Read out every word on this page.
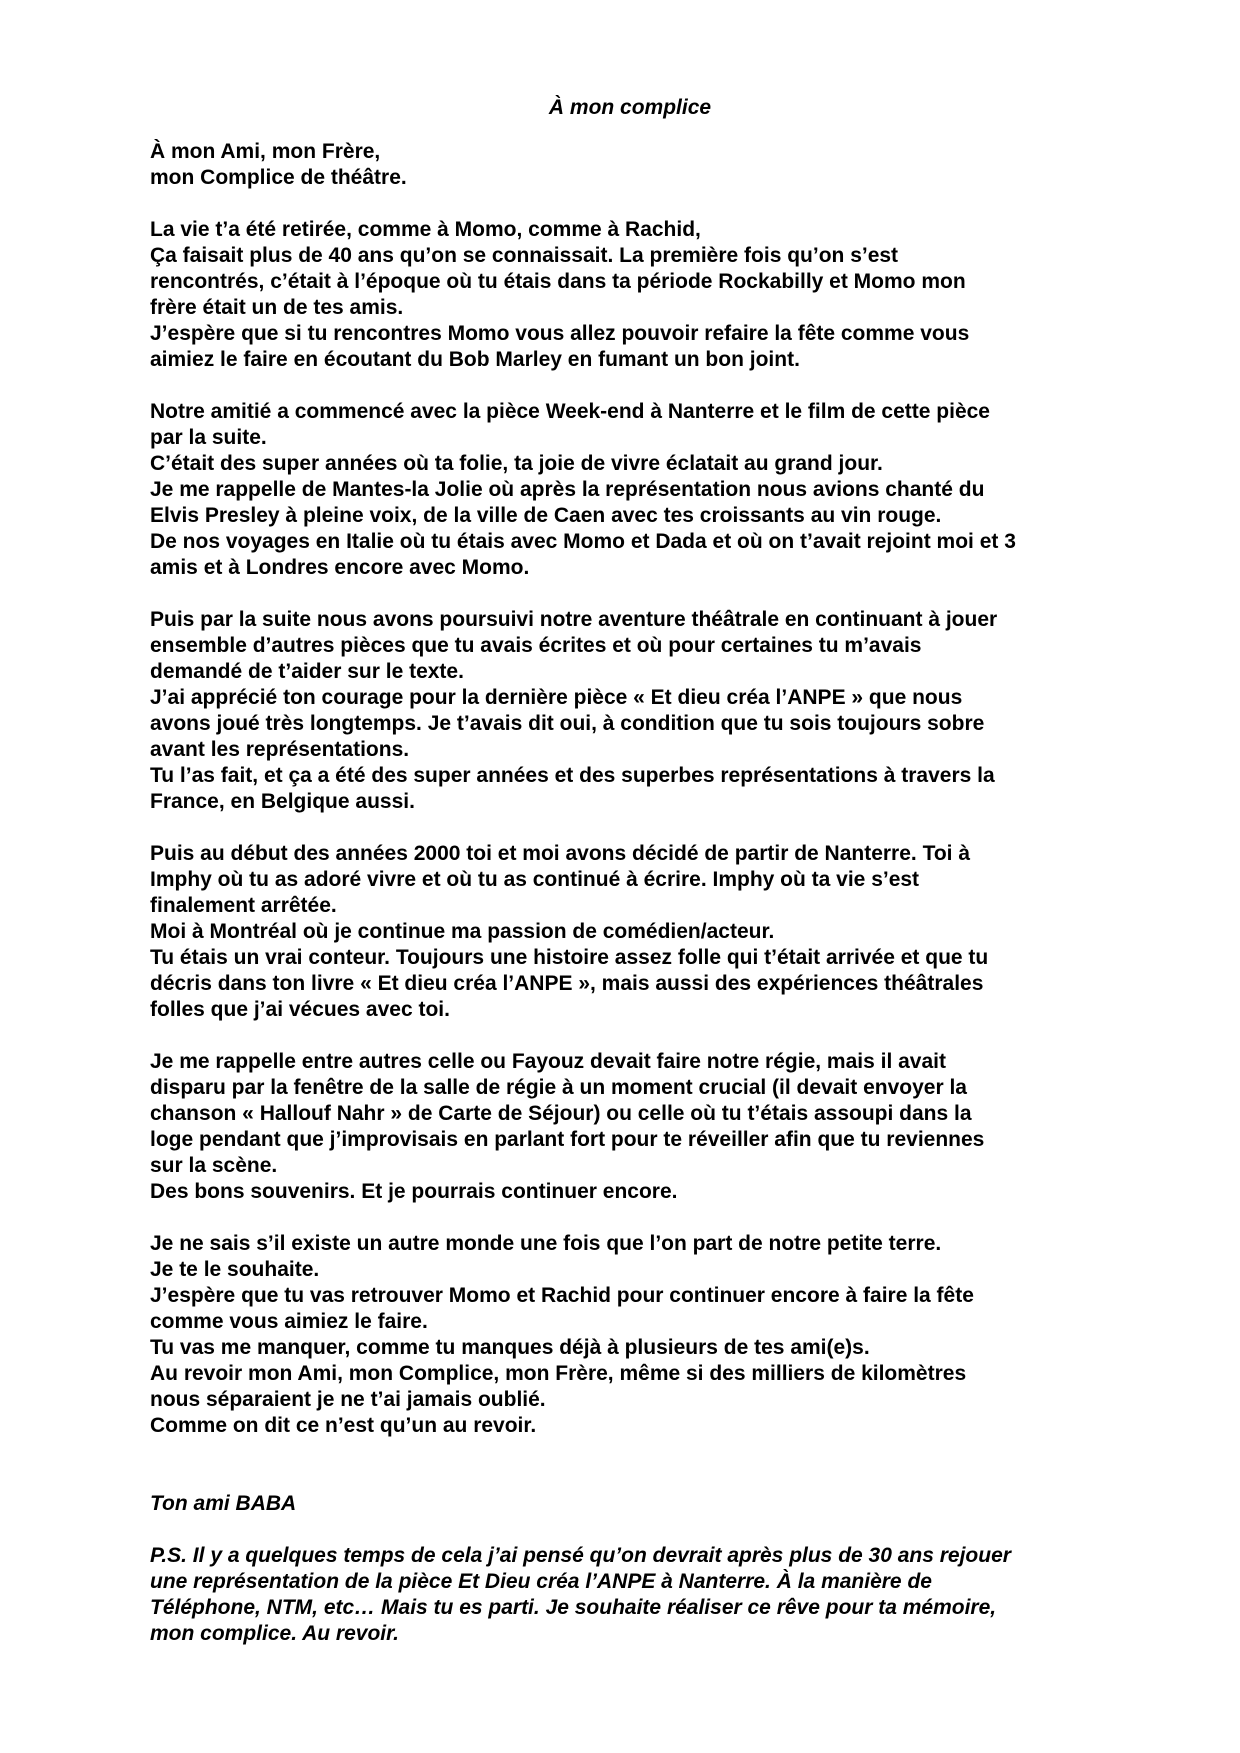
À mon complice
À mon Ami, mon Frère,
mon Complice de théâtre.
La vie t’a été retirée, comme à Momo, comme à Rachid,
Ça faisait plus de 40 ans qu’on se connaissait. La première fois qu’on s’est
rencontrés, c’était à l’époque où tu étais dans ta période Rockabilly et Momo mon
frère était un de tes amis.
J’espère que si tu rencontres Momo vous allez pouvoir refaire la fête comme vous
aimiez le faire en écoutant du Bob Marley en fumant un bon joint.
Notre amitié a commencé avec la pièce Week-end à Nanterre et le film de cette pièce
par la suite.
C’était des super années où ta folie, ta joie de vivre éclatait au grand jour.
Je me rappelle de Mantes-la Jolie où après la représentation nous avions chanté du
Elvis Presley à pleine voix, de la ville de Caen avec tes croissants au vin rouge.
De nos voyages en Italie où tu étais avec Momo et Dada et où on t’avait rejoint moi et 3
amis et à Londres encore avec Momo.
Puis par la suite nous avons poursuivi notre aventure théâtrale en continuant à jouer
ensemble d’autres pièces que tu avais écrites et où pour certaines tu m’avais
demandé de t’aider sur le texte.
J’ai apprécié ton courage pour la dernière pièce « Et dieu créa l’ANPE » que nous
avons joué très longtemps. Je t’avais dit oui, à condition que tu sois toujours sobre
avant les représentations.
Tu l’as fait, et ça a été des super années et des superbes représentations à travers la
France, en Belgique aussi.
Puis au début des années 2000 toi et moi avons décidé de partir de Nanterre. Toi à
Imphy où tu as adoré vivre et où tu as continué à écrire. Imphy où ta vie s’est
finalement arrêtée.
Moi à Montréal où je continue ma passion de comédien/acteur.
Tu étais un vrai conteur. Toujours une histoire assez folle qui t’était arrivée et que tu
décris dans ton livre « Et dieu créa l’ANPE », mais aussi des expériences théâtrales
folles que j’ai vécues avec toi.
Je me rappelle entre autres celle ou Fayouz devait faire notre régie, mais il avait
disparu par la fenêtre de la salle de régie à un moment crucial (il devait envoyer la
chanson « Hallouf Nahr » de Carte de Séjour) ou celle où tu t’étais assoupi dans la
loge pendant que j’improvisais en parlant fort pour te réveiller afin que tu reviennes
sur la scène.
Des bons souvenirs. Et je pourrais continuer encore.
Je ne sais s’il existe un autre monde une fois que l’on part de notre petite terre.
Je te le souhaite.
J’espère que tu vas retrouver Momo et Rachid pour continuer encore à faire la fête
comme vous aimiez le faire.
Tu vas me manquer, comme tu manques déjà à plusieurs de tes ami(e)s.
Au revoir mon Ami, mon Complice, mon Frère, même si des milliers de kilomètres
nous séparaient je ne t’ai jamais oublié.
Comme on dit ce n’est qu’un au revoir.
Ton ami BABA
P.S. Il y a quelques temps de cela j’ai pensé qu’on devrait après plus de 30 ans rejouer
une représentation de la pièce Et Dieu créa l’ANPE à Nanterre. À la manière de
Téléphone, NTM, etc… Mais tu es parti. Je souhaite réaliser ce rêve pour ta mémoire,
mon complice. Au revoir.
